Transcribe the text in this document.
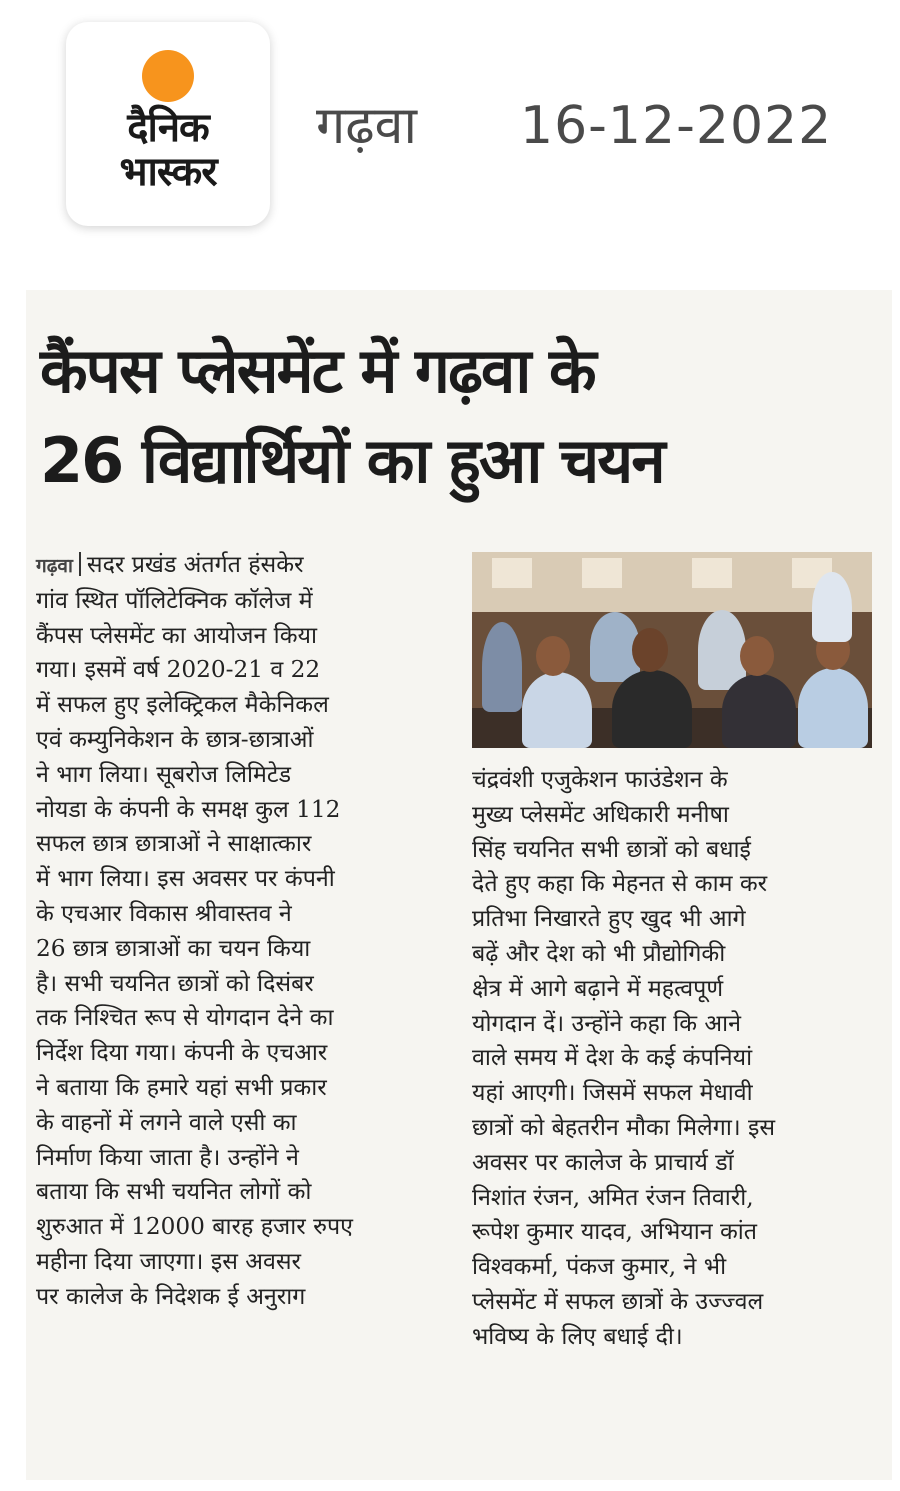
दैनिक
भास्कर
गढ़वा 16-12-2022
कैंपस प्लेसमेंट में गढ़वा के
26 विद्यार्थियों का हुआ चयन
गढ़वा सदर प्रखंड अंतर्गत हंसकेर
गांव स्थित पॉलिटेक्निक कॉलेज में
कैंपस प्लेसमेंट का आयोजन किया
गया। इसमें वर्ष 2020-21 व 22
में सफल हुए इलेक्ट्रिकल मैकेनिकल
एवं कम्युनिकेशन के छात्र-छात्राओं
ने भाग लिया। सूबरोज लिमिटेड
नोयडा के कंपनी के समक्ष कुल 112
सफल छात्र छात्राओं ने साक्षात्कार
में भाग लिया। इस अवसर पर कंपनी
के एचआर विकास श्रीवास्तव ने
26 छात्र छात्राओं का चयन किया
है। सभी चयनित छात्रों को दिसंबर
तक निश्चित रूप से योगदान देने का
निर्देश दिया गया। कंपनी के एचआर
ने बताया कि हमारे यहां सभी प्रकार
के वाहनों में लगने वाले एसी का
निर्माण किया जाता है। उन्होंने ने
बताया कि सभी चयनित लोगों को
शुरुआत में 12000 बारह हजार रुपए
महीना दिया जाएगा। इस अवसर
पर कालेज के निदेशक ई अनुराग
चंद्रवंशी एजुकेशन फाउंडेशन के
मुख्य प्लेसमेंट अधिकारी मनीषा
सिंह चयनित सभी छात्रों को बधाई
देते हुए कहा कि मेहनत से काम कर
प्रतिभा निखारते हुए खुद भी आगे
बढ़ें और देश को भी प्रौद्योगिकी
क्षेत्र में आगे बढ़ाने में महत्वपूर्ण
योगदान दें। उन्होंने कहा कि आने
वाले समय में देश के कई कंपनियां
यहां आएगी। जिसमें सफल मेधावी
छात्रों को बेहतरीन मौका मिलेगा। इस
अवसर पर कालेज के प्राचार्य डॉ
निशांत रंजन, अमित रंजन तिवारी,
रूपेश कुमार यादव, अभियान कांत
विश्वकर्मा, पंकज कुमार, ने भी
प्लेसमेंट में सफल छात्रों के उज्ज्वल
भविष्य के लिए बधाई दी।
